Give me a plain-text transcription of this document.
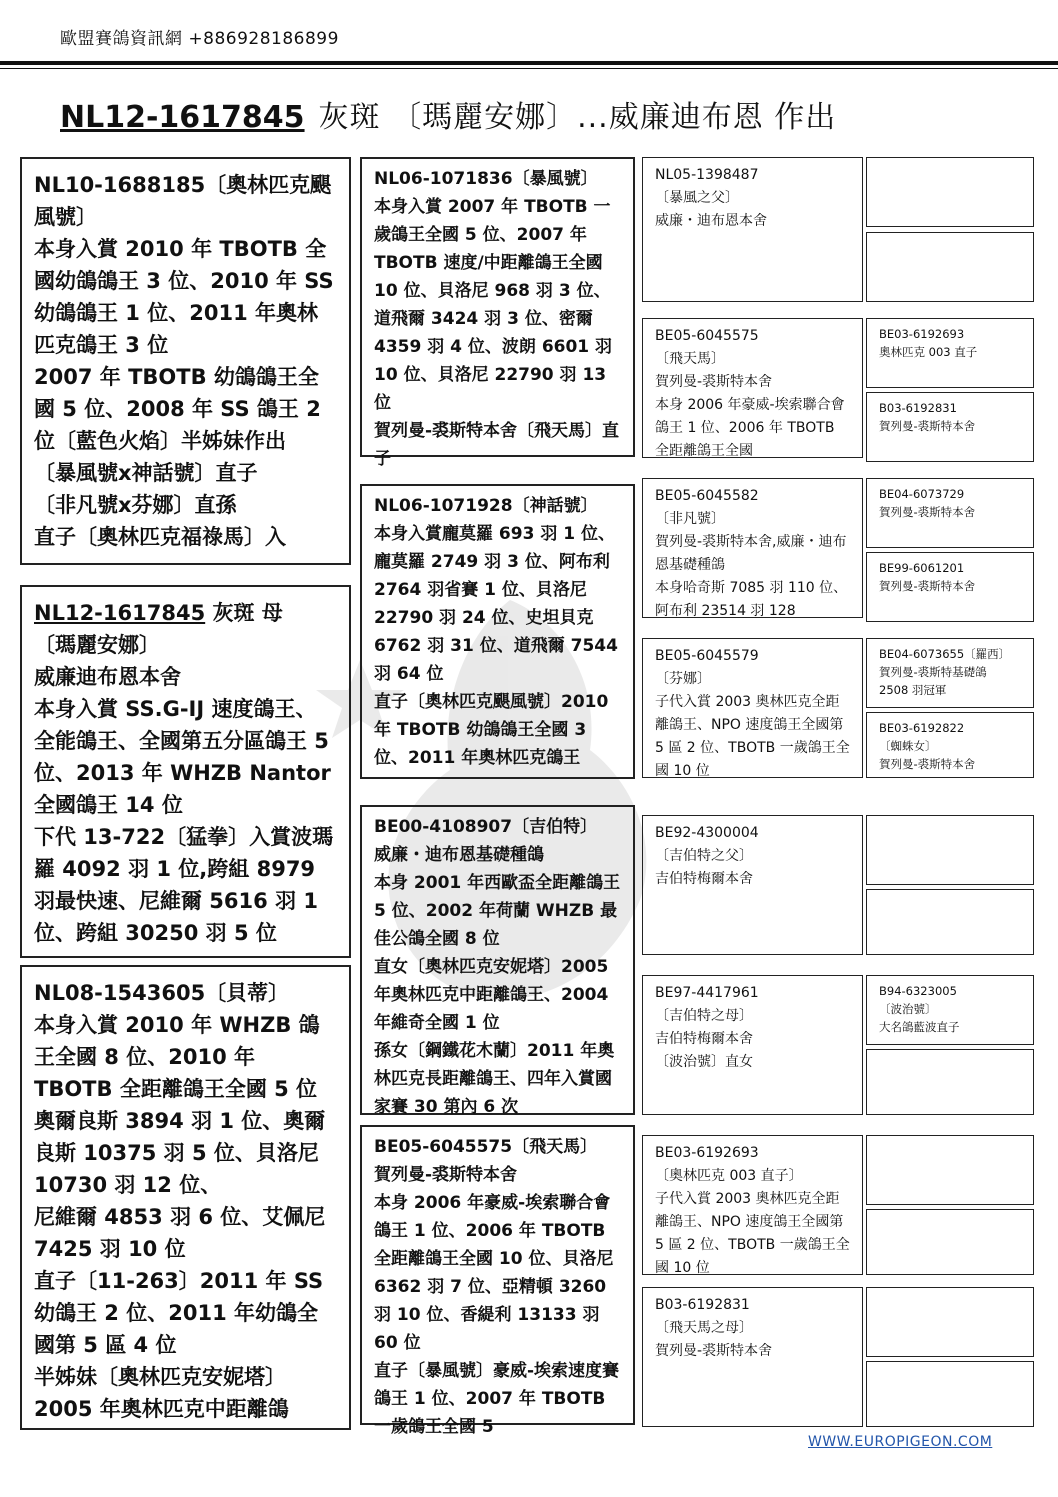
歐盟賽鴿資訊網 +886928186899
NL12-1617845 灰斑 〔瑪麗安娜〕...威廉迪布恩 作出
NL10-1688185〔奧林匹克颶風號〕
本身入賞 2010 年 TBOTB 全國幼鴿鴿王 3 位、2010 年 SS 幼鴿鴿王 1 位、2011 年奧林匹克鴿王 3 位
2007 年 TBOTB 幼鴿鴿王全國 5 位、2008 年 SS 鴿王 2 位〔藍色火焰〕半姊妹作出
〔暴風號x神話號〕直子
〔非凡號x芬娜〕直孫
直子〔奧林匹克福祿馬〕入
NL12-1617845 灰斑 母
〔瑪麗安娜〕
威廉迪布恩本舍
本身入賞 SS.G-IJ 速度鴿王、全能鴿王、全國第五分區鴿王 5 位、2013 年 WHZB Nantor 全國鴿王 14 位
下代 13-722〔猛拳〕入賞波瑪羅 4092 羽 1 位,跨組 8979 羽最快速、尼維爾 5616 羽 1 位、跨組 30250 羽 5 位
NL08-1543605〔貝蒂〕
本身入賞 2010 年 WHZB 鴿王全國 8 位、2010 年 TBOTB 全距離鴿王全國 5 位
奧爾良斯 3894 羽 1 位、奧爾良斯 10375 羽 5 位、貝洛尼 10730 羽 12 位、
尼維爾 4853 羽 6 位、艾佩尼 7425 羽 10 位
直子〔11-263〕2011 年 SS 幼鴿王 2 位、2011 年幼鴿全國第 5 區 4 位
半姊妹〔奧林匹克安妮塔〕2005 年奧林匹克中距離鴿
NL06-1071836〔暴風號〕
本身入賞 2007 年 TBOTB 一歲鴿王全國 5 位、2007 年 TBOTB 速度/中距離鴿王全國 10 位、貝洛尼 968 羽 3 位、道飛爾 3424 羽 3 位、密爾 4359 羽 4 位、波朗 6601 羽 10 位、貝洛尼 22790 羽 13 位
賀列曼-裘斯特本舍〔飛天馬〕直子
NL06-1071928〔神話號〕
本身入賞龐莫羅 693 羽 1 位、龐莫羅 2749 羽 3 位、阿布利 2764 羽省賽 1 位、貝洛尼 22790 羽 24 位、史坦貝克 6762 羽 31 位、道飛爾 7544 羽 64 位
直子〔奧林匹克颶風號〕2010 年 TBOTB 幼鴿鴿王全國 3 位、2011 年奧林匹克鴿王
BE00-4108907〔吉伯特〕
威廉・迪布恩基礎種鴿
本身 2001 年西歐盃全距離鴿王 5 位、2002 年荷蘭 WHZB 最佳公鴿全國 8 位
直女〔奧林匹克安妮塔〕2005 年奧林匹克中距離鴿王、2004 年維奇全國 1 位
孫女〔鋼鐵花木蘭〕2011 年奧林匹克長距離鴿王、四年入賞國家賽 30 第內 6 次
BE05-6045575〔飛天馬〕
賀列曼-裘斯特本舍
本身 2006 年豪威-埃索聯合會鴿王 1 位、2006 年 TBOTB 全距離鴿王全國 10 位、貝洛尼 6362 羽 7 位、亞精頓 3260 羽 10 位、香緹利 13133 羽 60 位
直子〔暴風號〕豪威-埃索速度賽鴿王 1 位、2007 年 TBOTB 一歲鴿王全國 5
NL05-1398487
〔暴風之父〕
威廉・迪布恩本舍
BE05-6045575
〔飛天馬〕
賀列曼-裘斯特本舍
本身 2006 年豪威-埃索聯合會鴿王 1 位、2006 年 TBOTB 全距離鴿王全國
BE05-6045582
〔非凡號〕
賀列曼-裘斯特本舍,威廉・迪布恩基礎種鴿
本身哈奇斯 7085 羽 110 位、阿布利 23514 羽 128
BE05-6045579
〔芬娜〕
子代入賞 2003 奧林匹克全距離鴿王、NPO 速度鴿王全國第 5 區 2 位、TBOTB 一歲鴿王全國 10 位
BE92-4300004
〔吉伯特之父〕
吉伯特梅爾本舍
BE97-4417961
〔吉伯特之母〕
吉伯特梅爾本舍
〔波治號〕直女
BE03-6192693
〔奧林匹克 003 直子〕
子代入賞 2003 奧林匹克全距離鴿王、NPO 速度鴿王全國第 5 區 2 位、TBOTB 一歲鴿王全國 10 位
B03-6192831
〔飛天馬之母〕
賀列曼-裘斯特本舍
BE03-6192693
奧林匹克 003 直子
B03-6192831
賀列曼-裘斯特本舍
BE04-6073729
賀列曼-裘斯特本舍
BE99-6061201
賀列曼-裘斯特本舍
BE04-6073655〔羅西〕
賀列曼-裘斯特基礎鴿
2508 羽冠軍
BE03-6192822
〔蜘蛛女〕
賀列曼-裘斯特本舍
B94-6323005
〔波治號〕
大名鴿藍波直子
WWW.EUROPIGEON.COM
